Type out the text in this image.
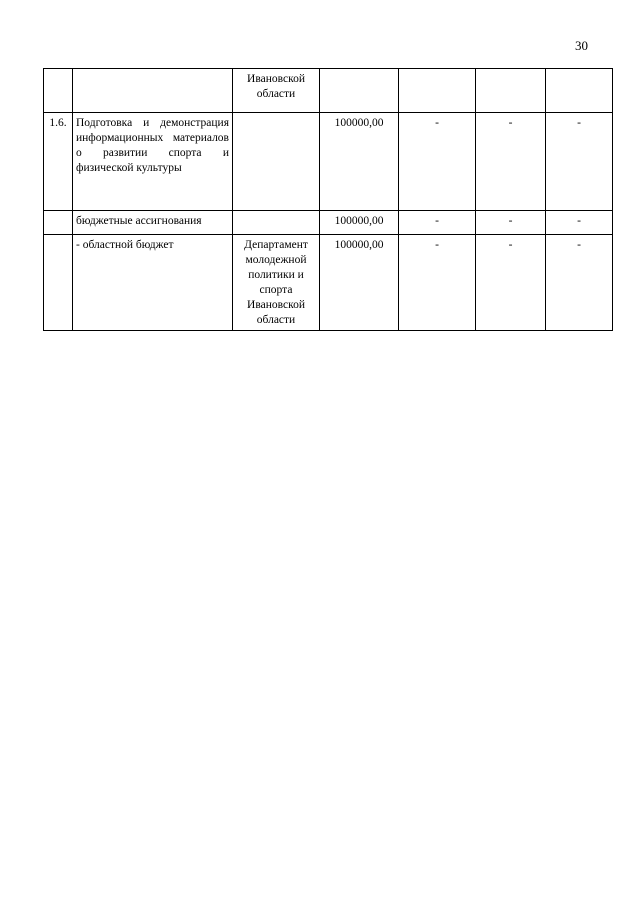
30
		Ивановской области				
1.6.	Подготовка и демонстрация информационных материалов о развитии спорта и физической культуры		100000,00	-	-	-
	бюджетные ассигнования		100000,00	-	-	-
	- областной бюджет	Департамент молодежной политики и спорта Ивановской области	100000,00	-	-	-
